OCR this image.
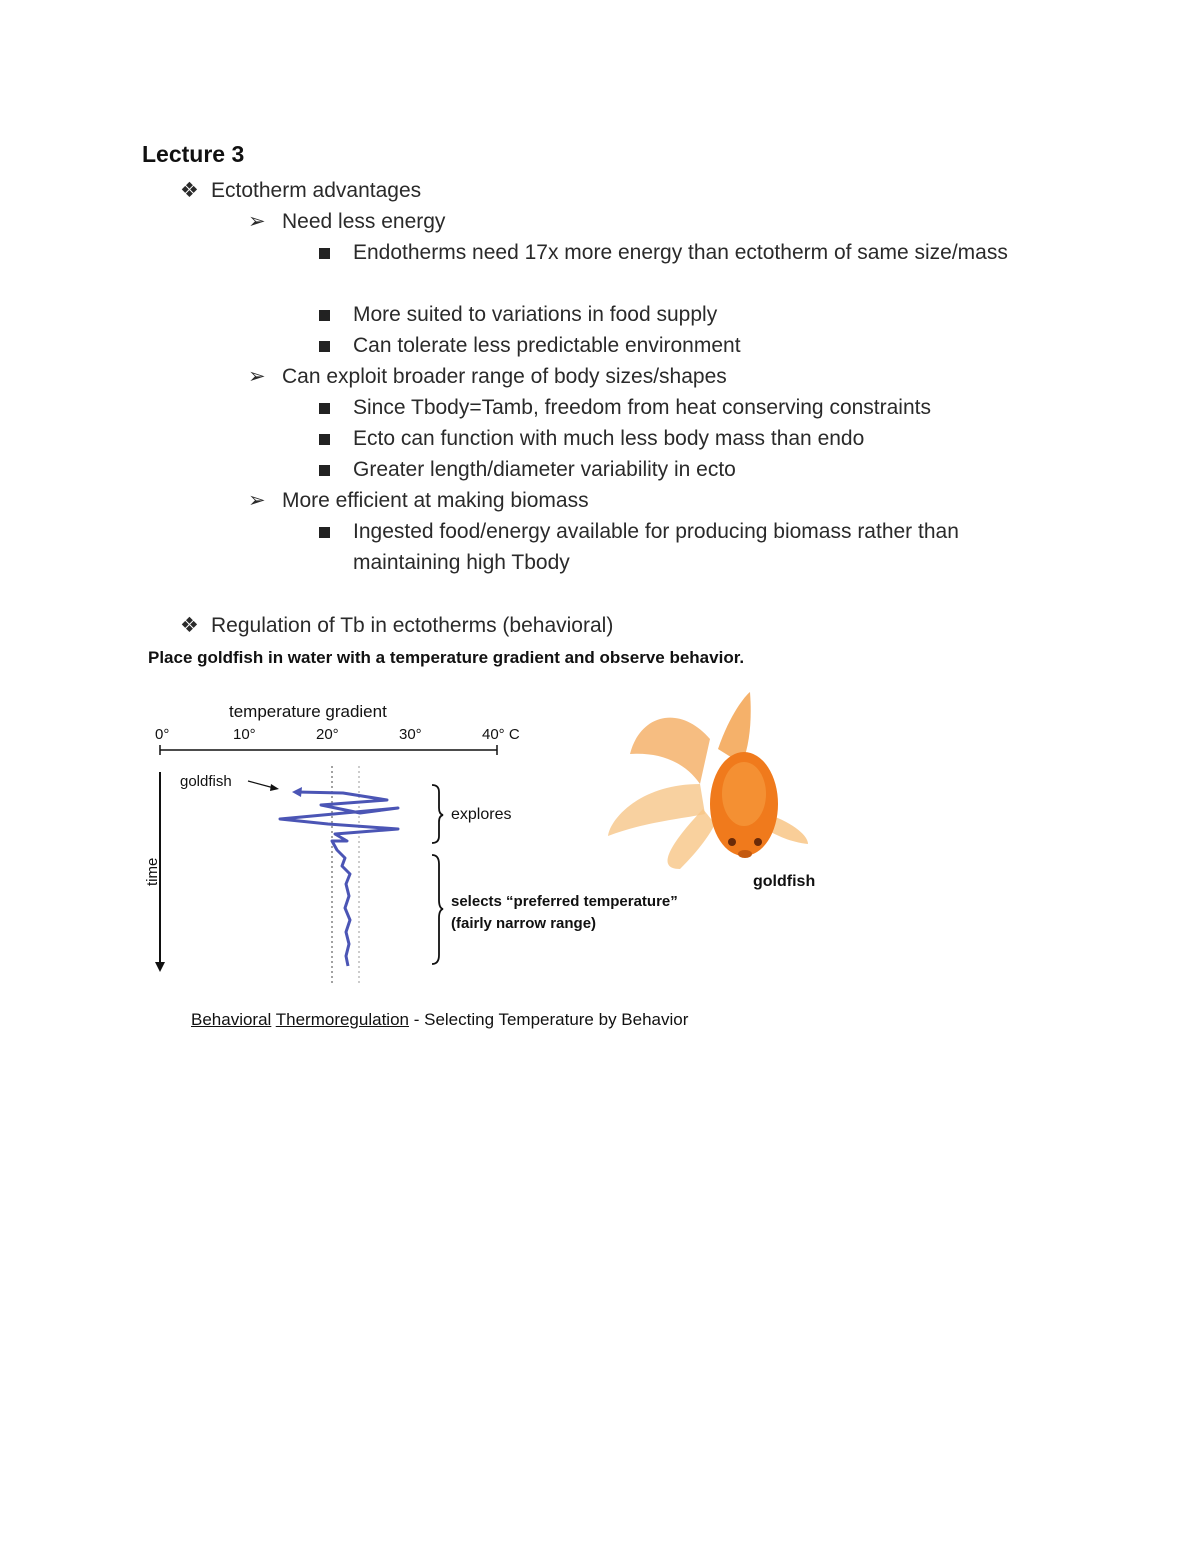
Lecture 3
❖ Ectotherm advantages
➢ Need less energy
Endotherms need 17x more energy than ectotherm of same size/mass
More suited to variations in food supply
Can tolerate less predictable environment
➢ Can exploit broader range of body sizes/shapes
Since Tbody=Tamb, freedom from heat conserving constraints
Ecto can function with much less body mass than endo
Greater length/diameter variability in ecto
➢ More efficient at making biomass
Ingested food/energy available for producing biomass rather than maintaining high Tbody
❖ Regulation of Tb in ectotherms (behavioral)
Place goldfish in water with a temperature gradient and observe behavior.
temperature gradient
0°	10°	20°	30°	40° C
time
goldfish
explores
selects “preferred temperature”
(fairly narrow range)
goldfish
Behavioral Thermoregulation - Selecting Temperature by Behavior
